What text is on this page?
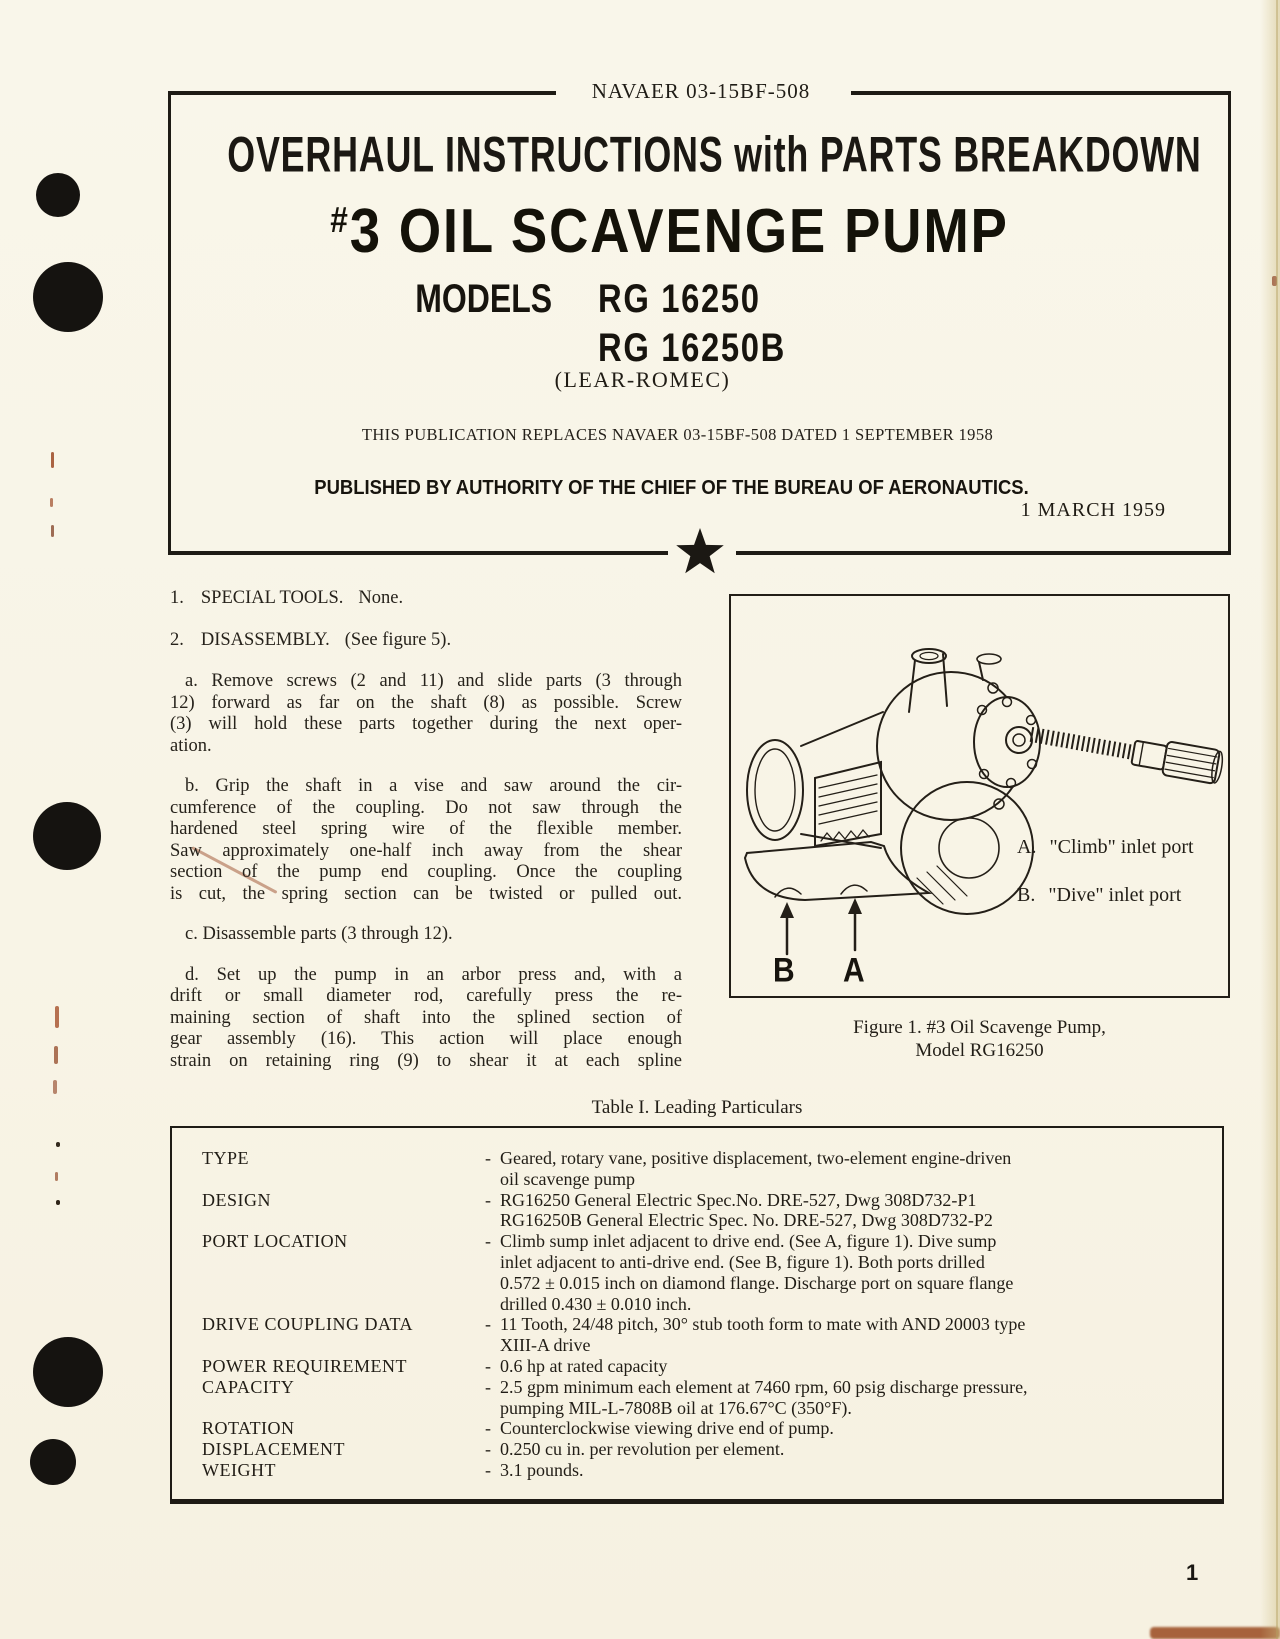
NAVAER 03-15BF-508
OVERHAUL INSTRUCTIONS with PARTS BREAKDOWN
#3 OIL SCAVENGE PUMP
MODELS RG 16250
RG 16250B
(LEAR-ROMEC)
THIS PUBLICATION REPLACES NAVAER 03-15BF-508 DATED 1 SEPTEMBER 1958
PUBLISHED BY AUTHORITY OF THE CHIEF OF THE BUREAU OF AERONAUTICS.
1 MARCH 1959
1. SPECIAL TOOLS. None.
2. DISASSEMBLY. (See figure 5).
a. Remove screws (2 and 11) and slide parts (3 through
12) forward as far on the shaft (8) as possible. Screw
(3) will hold these parts together during the next oper-
ation.
b. Grip the shaft in a vise and saw around the cir-
cumference of the coupling. Do not saw through the
hardened steel spring wire of the flexible member.
Saw approximately one-half inch away from the shear
section of the pump end coupling. Once the coupling
is cut, the spring section can be twisted or pulled out.
c. Disassemble parts (3 through 12).
d. Set up the pump in an arbor press and, with a
drift or small diameter rod, carefully press the re-
maining section of shaft into the splined section of
gear assembly (16). This action will place enough
strain on retaining ring (9) to shear it at each spline
A. "Climb" inlet port
B. "Dive" inlet port
B A
Figure 1. #3 Oil Scavenge Pump,
Model RG16250
Table I. Leading Particulars
TYPE	- Geared, rotary vane, positive displacement, two-element engine-driven
oil scavenge pump
DESIGN	- RG16250 General Electric Spec.No. DRE-527, Dwg 308D732-P1
RG16250B General Electric Spec. No. DRE-527, Dwg 308D732-P2
PORT LOCATION	- Climb sump inlet adjacent to drive end. (See A, figure 1). Dive sump
inlet adjacent to anti-drive end. (See B, figure 1). Both ports drilled
0.572 ± 0.015 inch on diamond flange. Discharge port on square flange
drilled 0.430 ± 0.010 inch.
DRIVE COUPLING DATA	- 11 Tooth, 24/48 pitch, 30° stub tooth form to mate with AND 20003 type
XIII-A drive
POWER REQUIREMENT	- 0.6 hp at rated capacity
CAPACITY	- 2.5 gpm minimum each element at 7460 rpm, 60 psig discharge pressure,
pumping MIL-L-7808B oil at 176.67°C (350°F).
ROTATION	- Counterclockwise viewing drive end of pump.
DISPLACEMENT	- 0.250 cu in. per revolution per element.
WEIGHT	- 3.1 pounds.
1
